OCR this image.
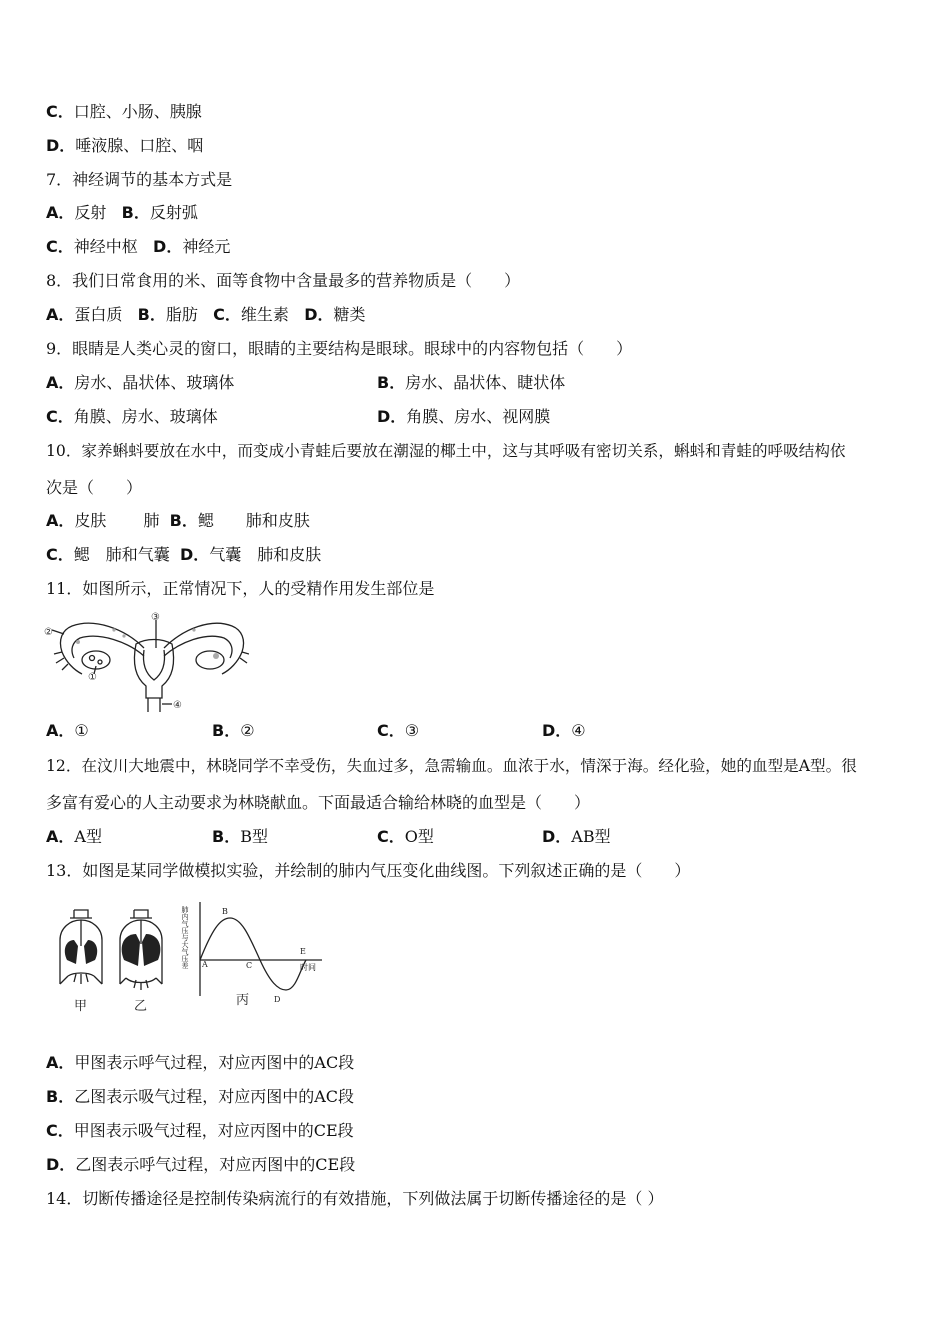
C．口腔、小肠、胰腺
D．唾液腺、口腔、咽
7．神经调节的基本方式是
A．反射 B．反射弧
C．神经中枢 D．神经元
8．我们日常食用的米、面等食物中含量最多的营养物质是（　　）
A．蛋白质 B．脂肪 C．维生素 D．糖类
9．眼睛是人类心灵的窗口，眼睛的主要结构是眼球。眼球中的内容物包括（　　）
A．房水、晶状体、玻璃体	B．房水、晶状体、睫状体
C．角膜、房水、玻璃体	D．角膜、房水、视网膜
10．家养蝌蚪要放在水中，而变成小青蛙后要放在潮湿的椰土中，这与其呼吸有密切关系，蝌蚪和青蛙的呼吸结构依
次是（　　）
A．皮肤　　 肺 B．鳃　　肺和皮肤
C．鳃　肺和气囊 D．气囊　肺和皮肤
11．如图所示，正常情况下，人的受精作用发生部位是
②
③
①
④
A．①	B．②	C．③	D．④
12．在汶川大地震中，林晓同学不幸受伤，失血过多，急需输血。血浓于水，情深于海。经化验，她的血型是A型。很
多富有爱心的人主动要求为林晓献血。下面最适合输给林晓的血型是（　　）
A．A型	B．B型	C．O型	D．AB型
13．如图是某同学做模拟实验，并绘制的肺内气压变化曲线图。下列叙述正确的是（　　）
肺内气压与大气压差 A
B
C
D
E
时间
甲	乙	丙
A．甲图表示呼气过程，对应丙图中的AC段
B．乙图表示吸气过程，对应丙图中的AC段
C．甲图表示吸气过程，对应丙图中的CE段
D．乙图表示呼气过程，对应丙图中的CE段
14．切断传播途径是控制传染病流行的有效措施，下列做法属于切断传播途径的是（ ）
